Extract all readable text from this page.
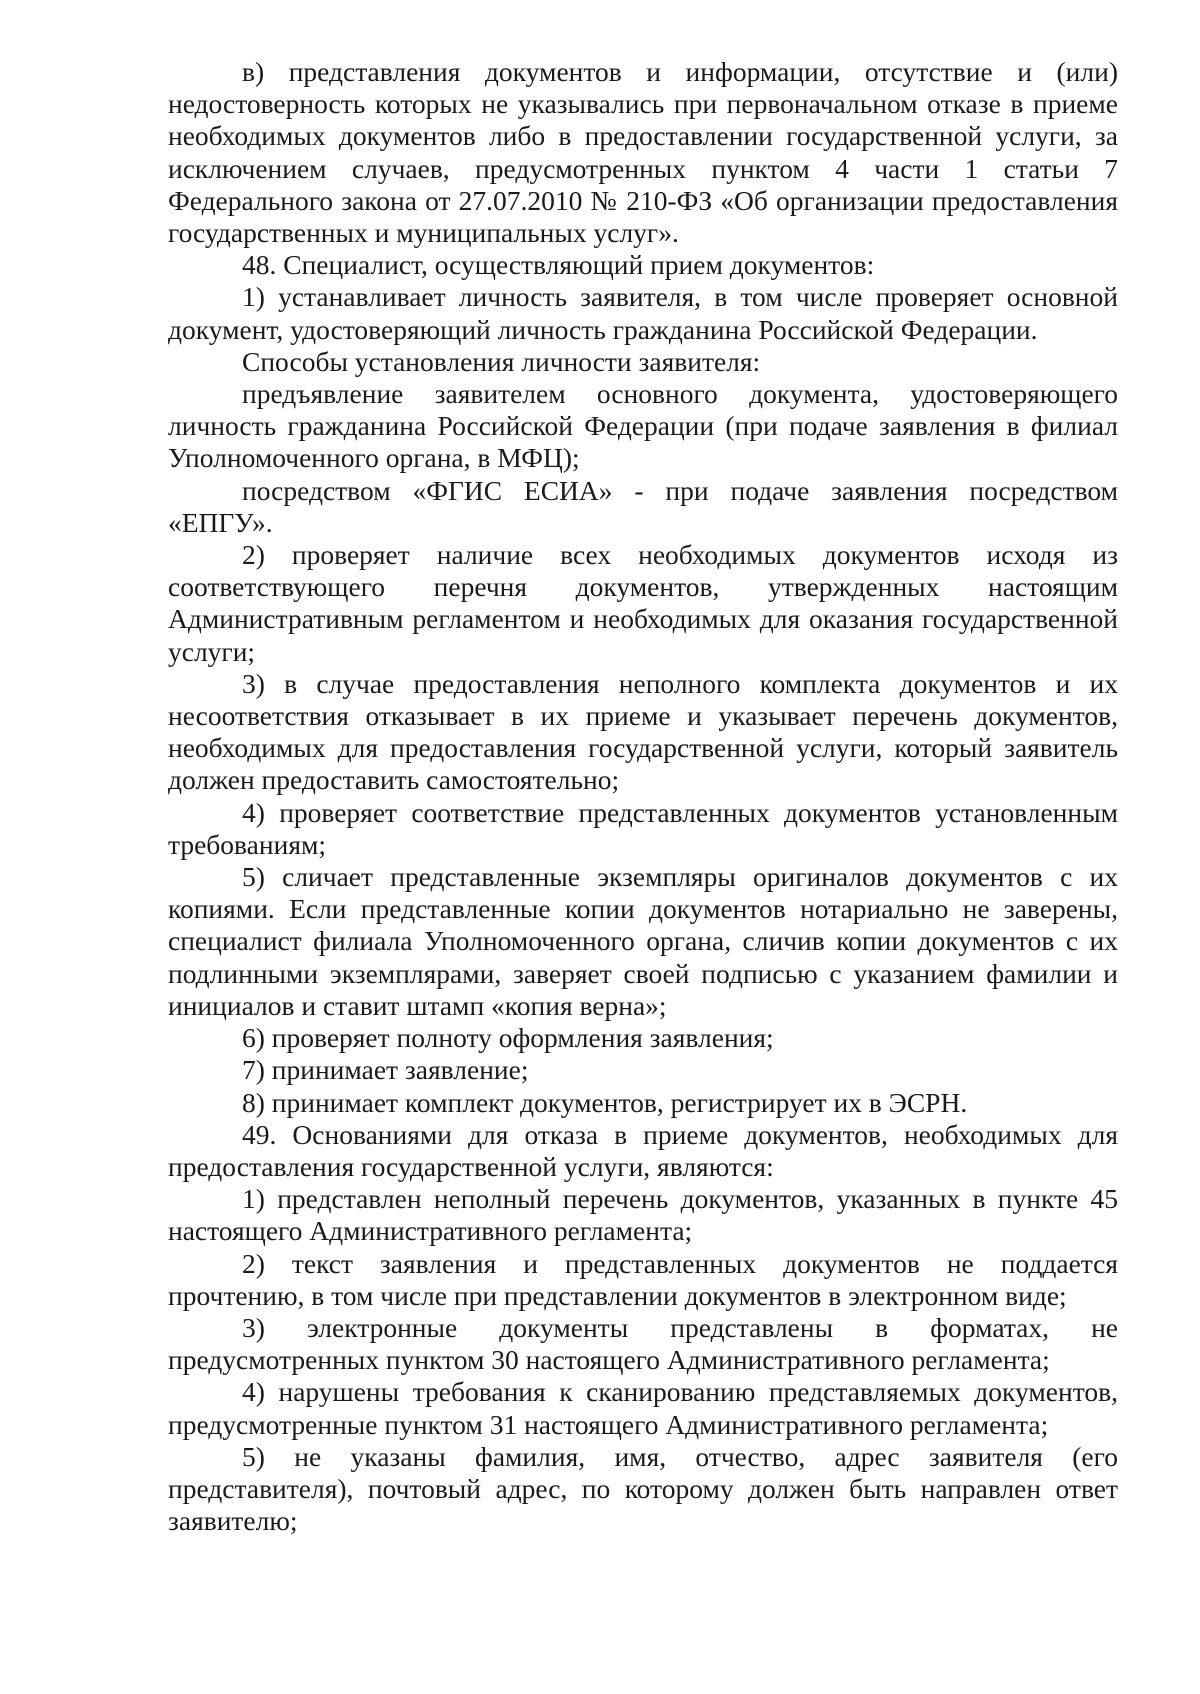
в) представления документов и информации, отсутствие и (или) недостоверность которых не указывались при первоначальном отказе в приеме необходимых документов либо в предоставлении государственной услуги, за исключением случаев, предусмотренных пунктом 4 части 1 статьи 7 Федерального закона от 27.07.2010 № 210-ФЗ «Об организации предоставления государственных и муниципальных услуг».

48. Специалист, осуществляющий прием документов:

1) устанавливает личность заявителя, в том числе проверяет основной документ, удостоверяющий личность гражданина Российской Федерации.

Способы установления личности заявителя:

предъявление заявителем основного документа, удостоверяющего личность гражданина Российской Федерации (при подаче заявления в филиал Уполномоченного органа, в МФЦ);

посредством «ФГИС ЕСИА» - при подаче заявления посредством «ЕПГУ».

2) проверяет наличие всех необходимых документов исходя из соответствующего перечня документов, утвержденных настоящим Административным регламентом и необходимых для оказания государственной услуги;

3) в случае предоставления неполного комплекта документов и их несоответствия отказывает в их приеме и указывает перечень документов, необходимых для предоставления государственной услуги, который заявитель должен предоставить самостоятельно;

4) проверяет соответствие представленных документов установленным требованиям;

5) сличает представленные экземпляры оригиналов документов с их копиями. Если представленные копии документов нотариально не заверены, специалист филиала Уполномоченного органа, сличив копии документов с их подлинными экземплярами, заверяет своей подписью с указанием фамилии и инициалов и ставит штамп «копия верна»;

6) проверяет полноту оформления заявления;

7) принимает заявление;

8) принимает комплект документов, регистрирует их в ЭСРН.

49. Основаниями для отказа в приеме документов, необходимых для предоставления государственной услуги, являются:

1) представлен неполный перечень документов, указанных в пункте 45 настоящего Административного регламента;

2) текст заявления и представленных документов не поддается прочтению, в том числе при представлении документов в электронном виде;

3) электронные документы представлены в форматах, не предусмотренных пунктом 30 настоящего Административного регламента;

4) нарушены требования к сканированию представляемых документов, предусмотренные пунктом 31 настоящего Административного регламента;

5) не указаны фамилия, имя, отчество, адрес заявителя (его представителя), почтовый адрес, по которому должен быть направлен ответ заявителю;
